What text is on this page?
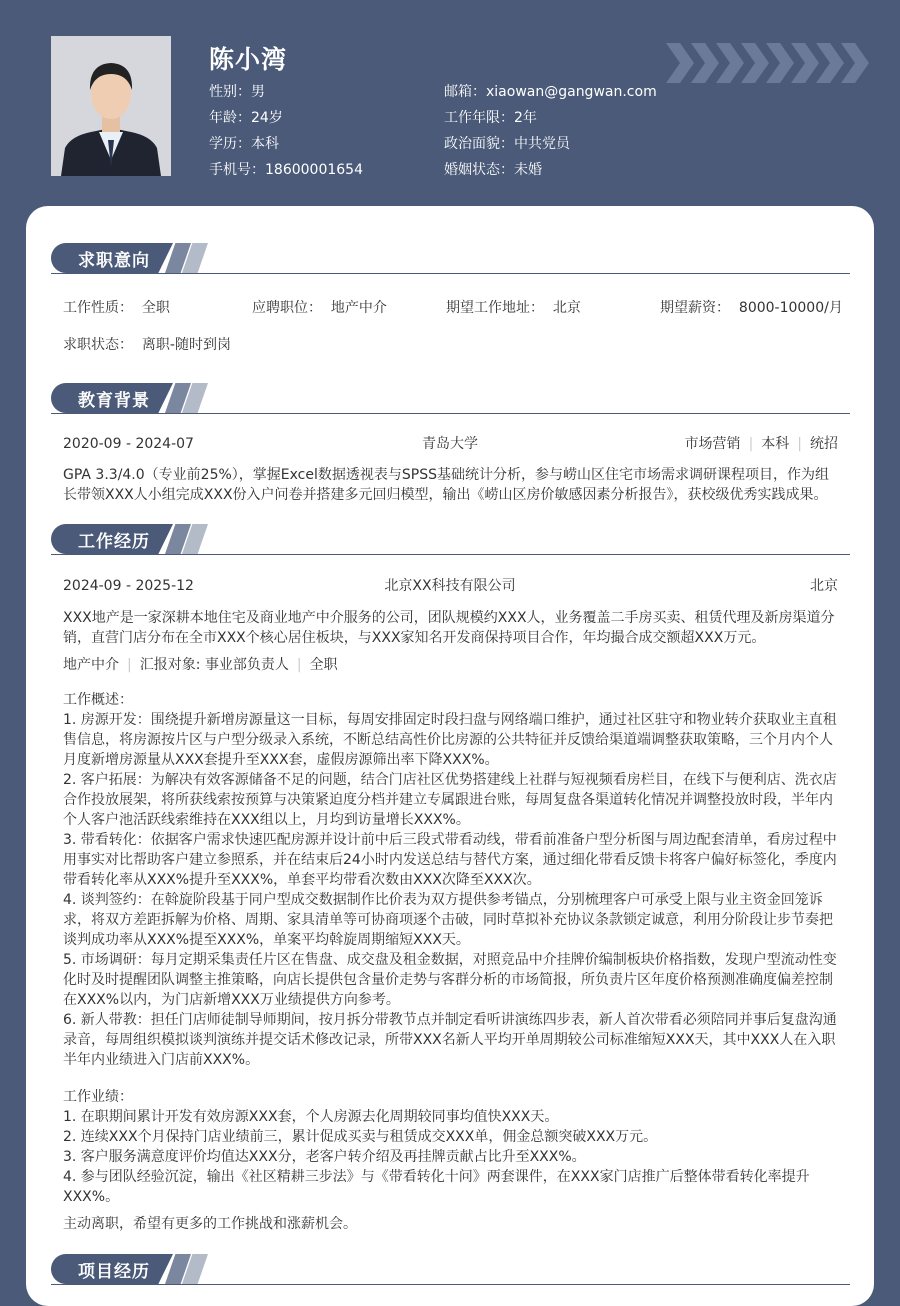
陈小湾
性别：男
年龄：24岁
学历：本科
手机号：18600001654
邮箱：xiaowan@gangwan.com
工作年限：2年
政治面貌：中共党员
婚姻状态：未婚
求职意向
工作性质： 全职	应聘职位： 地产中介	期望工作地址： 北京	期望薪资： 8000-10000/月
求职状态： 离职-随时到岗
教育背景
2020-09 - 2024-07	青岛大学	市场营销 | 本科 | 统招
GPA 3.3/4.0（专业前25%），掌握Excel数据透视表与SPSS基础统计分析，参与崂山区住宅市场需求调研课程项目，作为组长带领XXX人小组完成XXX份入户问卷并搭建多元回归模型，输出《崂山区房价敏感因素分析报告》，获校级优秀实践成果。
工作经历
2024-09 - 2025-12	北京XX科技有限公司	北京
XXX地产是一家深耕本地住宅及商业地产中介服务的公司，团队规模约XXX人，业务覆盖二手房买卖、租赁代理及新房渠道分销，直营门店分布在全市XXX个核心居住板块，与XXX家知名开发商保持项目合作，年均撮合成交额超XXX万元。
地产中介 | 汇报对象: 事业部负责人 | 全职

工作概述：

1. 房源开发：围绕提升新增房源量这一目标，每周安排固定时段扫盘与网络端口维护，通过社区驻守和物业转介获取业主直租售信息，将房源按片区与户型分级录入系统，不断总结高性价比房源的公共特征并反馈给渠道端调整获取策略，三个月内个人月度新增房源量从XXX套提升至XXX套，虚假房源筛出率下降XXX%。

2. 客户拓展：为解决有效客源储备不足的问题，结合门店社区优势搭建线上社群与短视频看房栏目，在线下与便利店、洗衣店合作投放展架，将所获线索按预算与决策紧迫度分档并建立专属跟进台账，每周复盘各渠道转化情况并调整投放时段，半年内个人客户池活跃线索维持在XXX组以上，月均到访量增长XXX%。

3. 带看转化：依据客户需求快速匹配房源并设计前中后三段式带看动线，带看前准备户型分析图与周边配套清单，看房过程中用事实对比帮助客户建立参照系，并在结束后24小时内发送总结与替代方案，通过细化带看反馈卡将客户偏好标签化，季度内带看转化率从XXX%提升至XXX%，单套平均带看次数由XXX次降至XXX次。

4. 谈判签约：在斡旋阶段基于同户型成交数据制作比价表为双方提供参考锚点，分别梳理客户可承受上限与业主资金回笼诉求，将双方差距拆解为价格、周期、家具清单等可协商项逐个击破，同时草拟补充协议条款锁定诚意，利用分阶段让步节奏把谈判成功率从XXX%提至XXX%，单案平均斡旋周期缩短XXX天。

5. 市场调研：每月定期采集责任片区在售盘、成交盘及租金数据，对照竞品中介挂牌价编制板块价格指数，发现户型流动性变化时及时提醒团队调整主推策略，向店长提供包含量价走势与客群分析的市场简报，所负责片区年度价格预测准确度偏差控制在XXX%以内，为门店新增XXX万业绩提供方向参考。

6. 新人带教：担任门店师徒制导师期间，按月拆分带教节点并制定看听讲演练四步表，新人首次带看必须陪同并事后复盘沟通录音，每周组织模拟谈判演练并提交话术修改记录，所带XXX名新人平均开单周期较公司标准缩短XXX天，其中XXX人在入职半年内业绩进入门店前XXX%。

工作业绩：

1. 在职期间累计开发有效房源XXX套，个人房源去化周期较同事均值快XXX天。

2. 连续XXX个月保持门店业绩前三，累计促成买卖与租赁成交XXX单，佣金总额突破XXX万元。

3. 客户服务满意度评价均值达XXX分，老客户转介绍及再挂牌贡献占比升至XXX%。

4. 参与团队经验沉淀，输出《社区精耕三步法》与《带看转化十问》两套课件，在XXX家门店推广后整体带看转化率提升XXX%。

主动离职，希望有更多的工作挑战和涨薪机会。
项目经历
